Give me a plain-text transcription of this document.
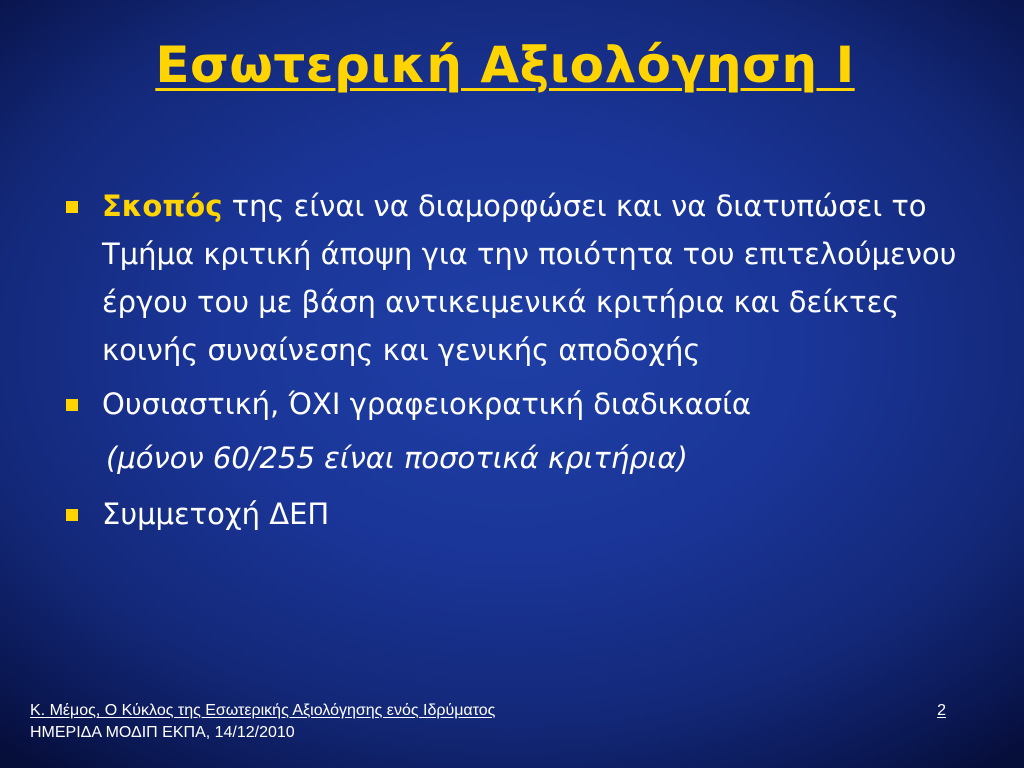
Εσωτερική Αξιολόγηση Ι
Σκοπός της είναι να διαμορφώσει και να διατυπώσει το Τμήμα κριτική άποψη για την ποιότητα του επιτελούμενου έργου του με βάση αντικειμενικά κριτήρια και δείκτες κοινής συναίνεσης και γενικής αποδοχής
Ουσιαστική, ΌΧΙ γραφειοκρατική διαδικασία
(μόνον 60/255 είναι ποσοτικά κριτήρια)
Συμμετοχή ΔΕΠ
Κ. Μέμος, Ο Κύκλος της Εσωτερικής Αξιολόγησης ενός Ιδρύματος	2
ΗΜΕΡΙΔΑ ΜΟΔΙΠ ΕΚΠΑ, 14/12/2010
